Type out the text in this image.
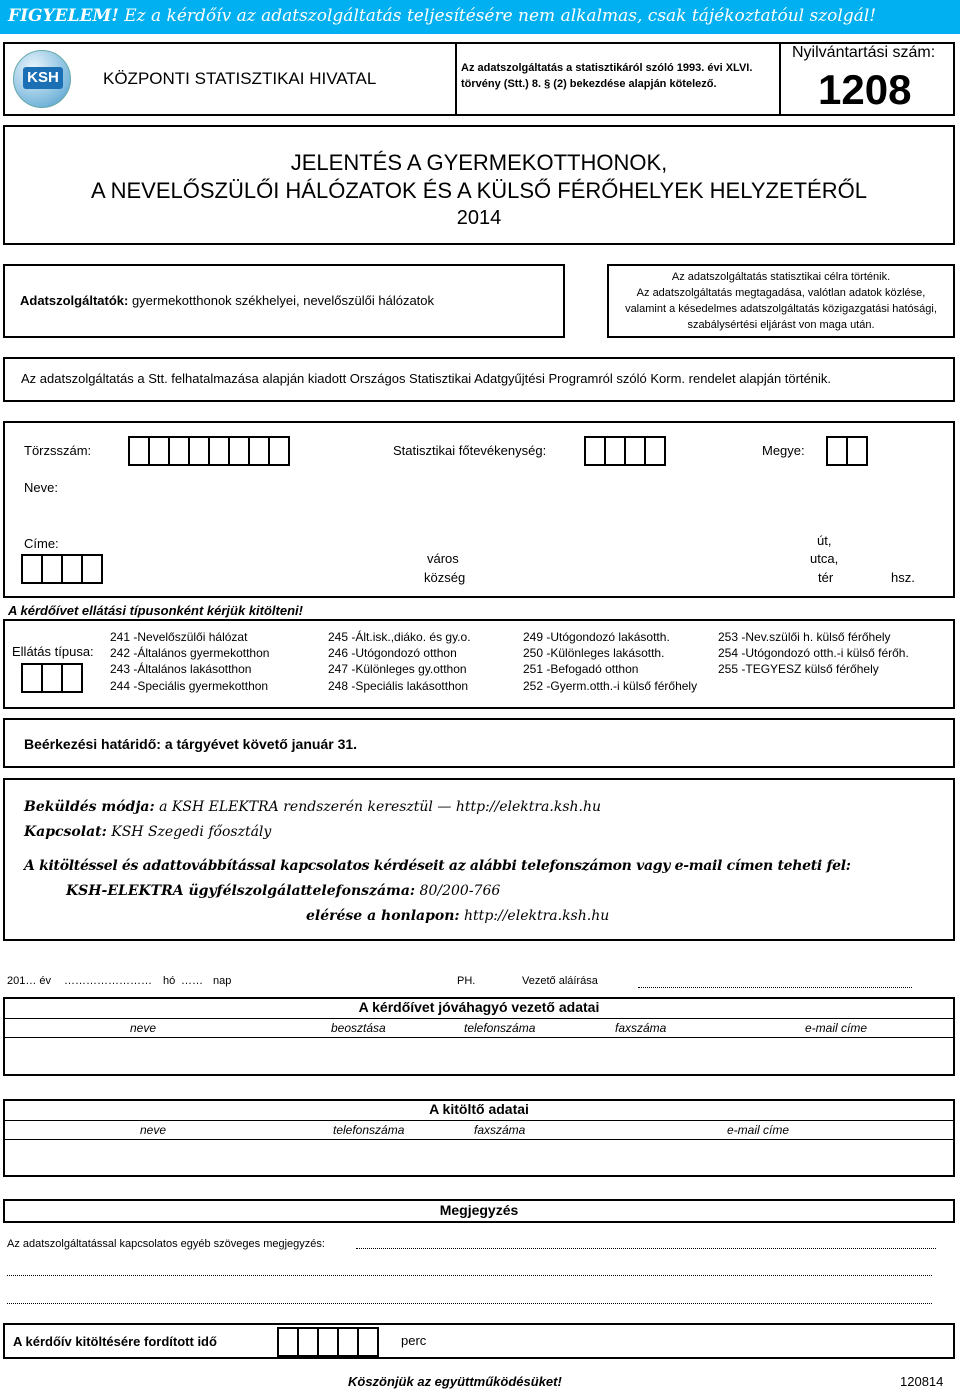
FIGYELEM! Ez a kérdőív az adatszolgáltatás teljesítésére nem alkalmas, csak tájékoztatóul szolgál!
KSH	KÖZPONTI STATISZTIKAI HIVATAL
Az adatszolgáltatás a statisztikáról szóló 1993. évi XLVI.
törvény (Stt.) 8. § (2) bekezdése alapján kötelező.
Nyilvántartási szám:
1208
JELENTÉS A GYERMEKOTTHONOK,
A NEVELŐSZÜLŐI HÁLÓZATOK ÉS A KÜLSŐ FÉRŐHELYEK HELYZETÉRŐL
2014
Adatszolgáltatók: gyermekotthonok székhelyei, nevelőszülői hálózatok
Az adatszolgáltatás statisztikai célra történik.
Az adatszolgáltatás megtagadása, valótlan adatok közlése,
valamint a késedelmes adatszolgáltatás közigazgatási hatósági,
szabálysértési eljárást von maga után.
Az adatszolgáltatás a Stt. felhatalmazása alapján kiadott Országos Statisztikai Adatgyűjtési Programról szóló Korm. rendelet alapján történik.
Törzsszám:	Statisztikai főtevékenység:	Megye:
Neve:
Címe:
város
község
út,
utca,
tér	hsz.
A kérdőívet ellátási típusonként kérjük kitölteni!
Ellátás típusa:
241 -Nevelőszülői hálózat
242 -Általános gyermekotthon
243 -Általános lakásotthon
244 -Speciális gyermekotthon
245 -Ált.isk.,diáko. és gy.o.
246 -Utógondozó otthon
247 -Különleges gy.otthon
248 -Speciális lakásotthon
249 -Utógondozó lakásotth.
250 -Különleges lakásotth.
251 -Befogadó otthon
252 -Gyerm.otth.-i külső férőhely
253 -Nev.szülői h. külső férőhely
254 -Utógondozó otth.-i külső férőh.
255 -TEGYESZ külső férőhely
Beérkezési határidő: a tárgyévet követő január 31.
Beküldés módja: a KSH ELEKTRA rendszerén keresztül — http://elektra.ksh.hu
Kapcsolat: KSH Szegedi főosztály
A kitöltéssel és adattovábbítással kapcsolatos kérdéseit az alábbi telefonszámon vagy e-mail címen teheti fel:
KSH-ELEKTRA ügyfélszolgálat
telefonszáma: 80/200-766
elérése a honlapon: http://elektra.ksh.hu
201… év …………………… hó …… nap	PH.	Vezető aláírása
A kérdőívet jóváhagyó vezető adatai
neve	beosztása	telefonszáma	faxszáma	e-mail címe
A kitöltő adatai
neve	telefonszáma	faxszáma	e-mail címe
Megjegyzés
Az adatszolgáltatással kapcsolatos egyéb szöveges megjegyzés:
A kérdőív kitöltésére fordított idő	perc
Köszönjük az együttműködésüket!	120814
